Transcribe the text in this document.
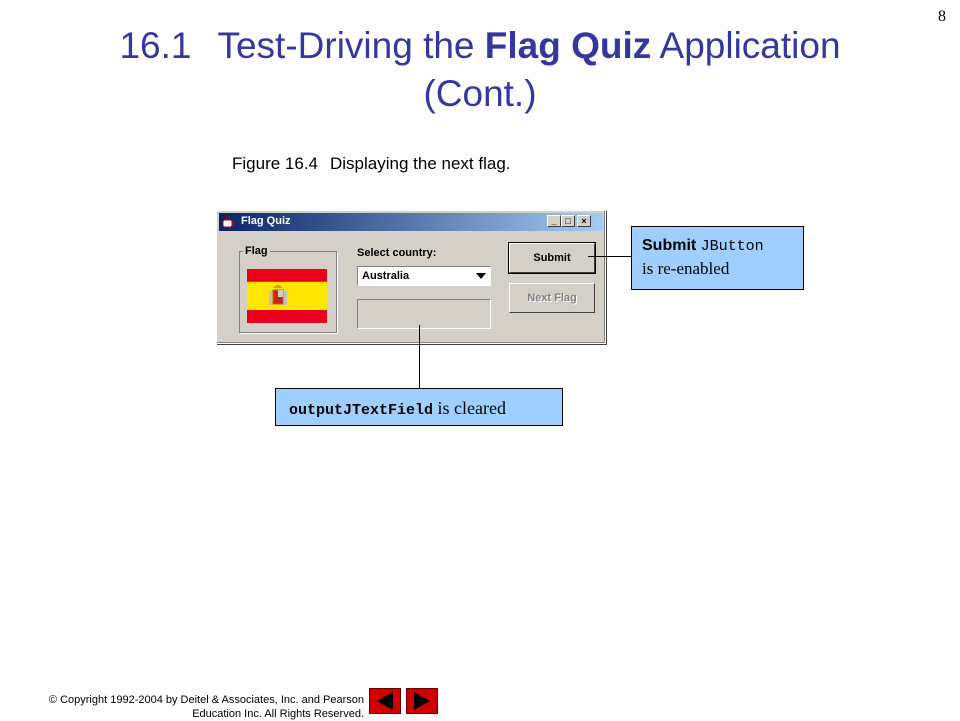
8
16.1 Test-Driving the Flag Quiz Application
(Cont.)
Figure 16.4 Displaying the next flag.
Flag Quiz	_ □	×
Flag	Select country:
Australia
Submit
Next Flag
Submit JButton
is re-enabled
outputJTextField is cleared
© Copyright 1992-2004 by Deitel & Associates, Inc. and Pearson
Education Inc. All Rights Reserved.
